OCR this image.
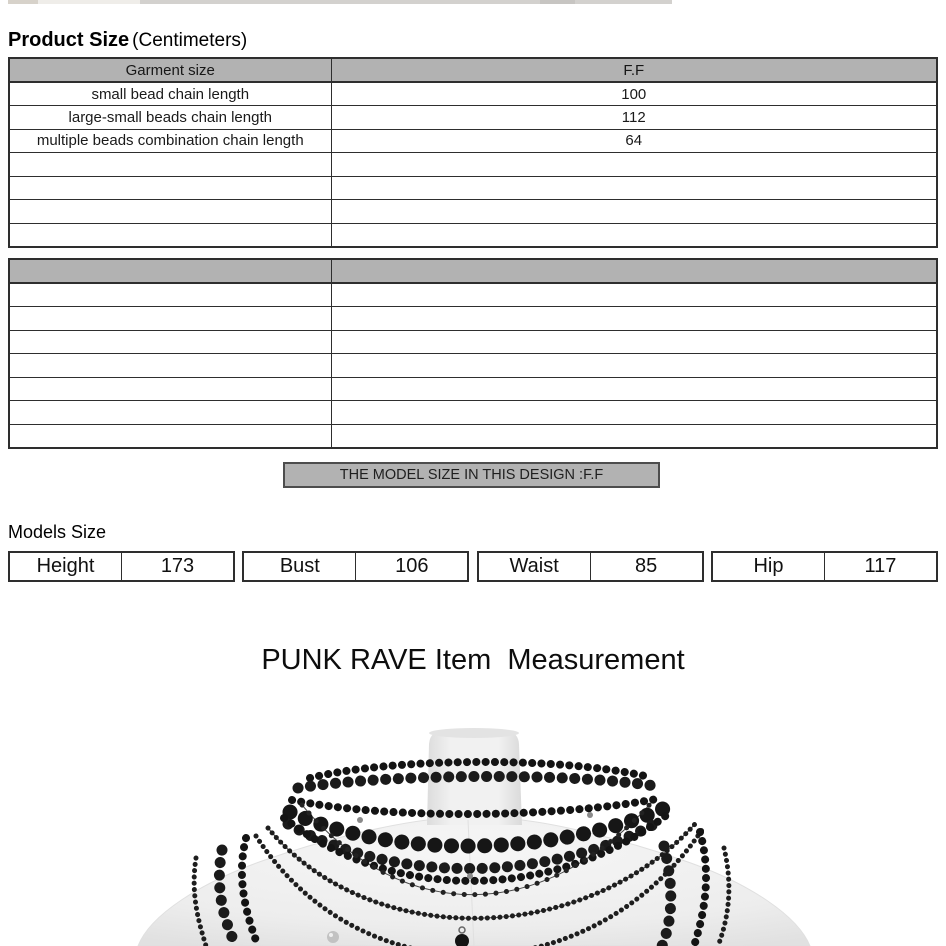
Product Size (Centimeters)
Garment size	F.F
small bead chain length	100
large-small beads chain length	112
multiple beads combination chain length	64

THE MODEL SIZE IN THIS DESIGN :F.F
Models Size
Height	173	Bust	106	Waist	85	Hip	117
PUNK RAVE Item  Measurement
